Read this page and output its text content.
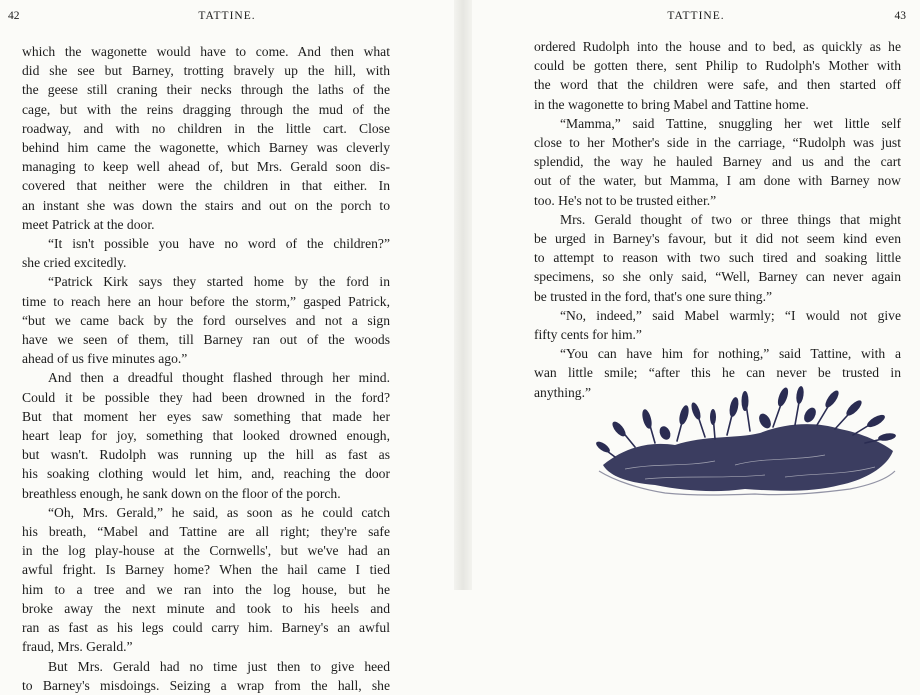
42	TATTINE.
which the wagonette would have to come. And then what
did she see but Barney, trotting bravely up the hill, with
the geese still craning their necks through the laths of the
cage, but with the reins dragging through the mud of the
roadway, and with no children in the little cart. Close
behind him came the wagonette, which Barney was cleverly
managing to keep well ahead of, but Mrs. Gerald soon dis-
covered that neither were the children in that either. In
an instant she was down the stairs and out on the porch to
meet Patrick at the door.
“It isn't possible you have no word of the children?”
she cried excitedly.
“Patrick Kirk says they started home by the ford in
time to reach here an hour before the storm,” gasped Patrick,
“but we came back by the ford ourselves and not a sign
have we seen of them, till Barney ran out of the woods
ahead of us five minutes ago.”
And then a dreadful thought flashed through her mind.
Could it be possible they had been drowned in the ford?
But that moment her eyes saw something that made her
heart leap for joy, something that looked drowned enough,
but wasn't. Rudolph was running up the hill as fast as
his soaking clothing would let him, and, reaching the door
breathless enough, he sank down on the floor of the porch.
“Oh, Mrs. Gerald,” he said, as soon as he could catch
his breath, “Mabel and Tattine are all right; they're safe
in the log play-house at the Cornwells', but we've had an
awful fright. Is Barney home? When the hail came I tied
him to a tree and we ran into the log house, but he
broke away the next minute and took to his heels and
ran as fast as his legs could carry him. Barney's an awful
fraud, Mrs. Gerald.”
But Mrs. Gerald had no time just then to give heed
to Barney's misdoings. Seizing a wrap from the hall, she
TATTINE.	43
ordered Rudolph into the house and to bed, as quickly as he
could be gotten there, sent Philip to Rudolph's Mother with
the word that the children were safe, and then started off
in the wagonette to bring Mabel and Tattine home.
“Mamma,” said Tattine, snuggling her wet little self
close to her Mother's side in the carriage, “Rudolph was just
splendid, the way he hauled Barney and us and the cart
out of the water, but Mamma, I am done with Barney now
too. He's not to be trusted either.”
Mrs. Gerald thought of two or three things that might
be urged in Barney's favour, but it did not seem kind even
to attempt to reason with two such tired and soaking little
specimens, so she only said, “Well, Barney can never again
be trusted in the ford, that's one sure thing.”
“No, indeed,” said Mabel warmly; “I would not give
fifty cents for him.”
“You can have him for nothing,” said Tattine, with a
wan little smile; “after this he can never be trusted in
anything.”
